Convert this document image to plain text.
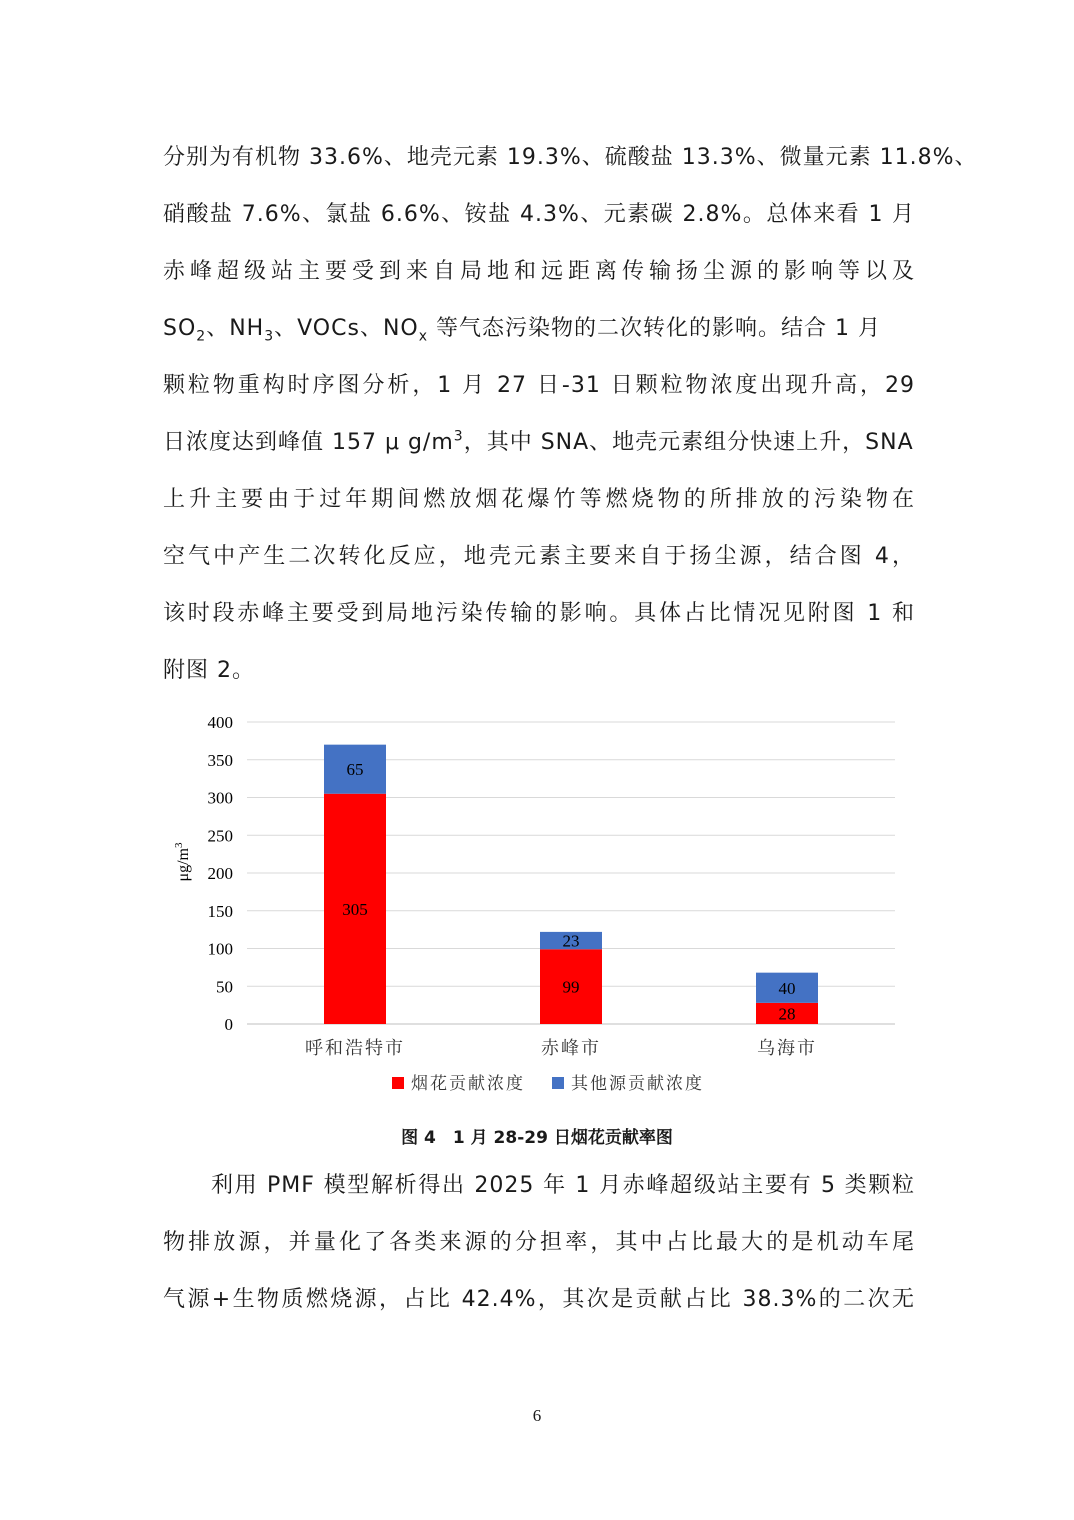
分别为有机物 33.6%、地壳元素 19.3%、硫酸盐 13.3%、微量元素 11.8%、
硝酸盐 7.6%、氯盐 6.6%、铵盐 4.3%、元素碳 2.8%。总体来看 1 月
赤峰超级站主要受到来自局地和远距离传输扬尘源的影响等以及
$SO_2$、$NH_3$、VOCs、$NO_x$ 等气态污染物的二次转化的影响。结合 1 月
颗粒物重构时序图分析，1 月 27 日-31 日颗粒物浓度出现升高，29
日浓度达到峰值 157 μ $g/m^3$，其中 SNA、地壳元素组分快速上升，SNA
上升主要由于过年期间燃放烟花爆竹等燃烧物的所排放的污染物在
空气中产生二次转化反应，地壳元素主要来自于扬尘源，结合图 4，
该时段赤峰主要受到局地污染传输的影响。具体占比情况见附图 1 和
附图 2。
0
50
100
150
200
250
300
350
400
$\mu g/m^3$
305
65
99
23
28
40
呼和浩特市	赤峰市	乌海市
烟花贡献浓度	其他源贡献浓度
图 4　1 月 28-29 日烟花贡献率图
利用 PMF 模型解析得出 2025 年 1 月赤峰超级站主要有 5 类颗粒
物排放源，并量化了各类来源的分担率，其中占比最大的是机动车尾
气源+生物质燃烧源，占比 42.4%，其次是贡献占比 38.3%的二次无
6
